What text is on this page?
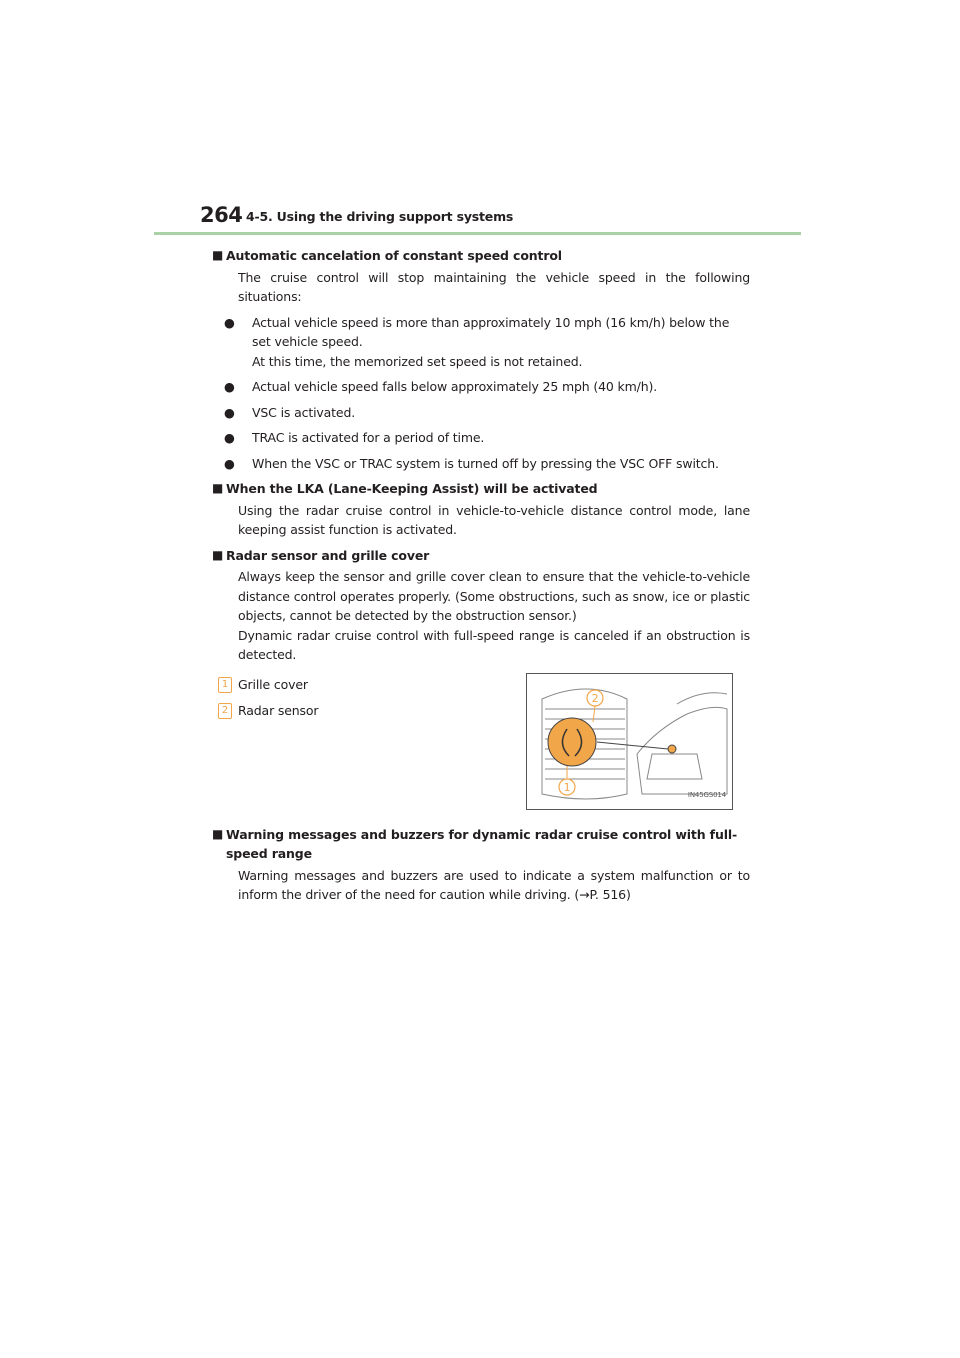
264 4-5. Using the driving support systems
■ Automatic cancelation of constant speed control
The cruise control will stop maintaining the vehicle speed in the following situations:
● Actual vehicle speed is more than approximately 10 mph (16 km/h) below the set vehicle speed.
At this time, the memorized set speed is not retained.
●	Actual vehicle speed falls below approximately 25 mph (40 km/h).
●	VSC is activated.
●	TRAC is activated for a period of time.
●	When the VSC or TRAC system is turned off by pressing the VSC OFF switch.
■ When the LKA (Lane-Keeping Assist) will be activated
Using the radar cruise control in vehicle-to-vehicle distance control mode, lane keeping assist function is activated.
■ Radar sensor and grille cover
Always keep the sensor and grille cover clean to ensure that the vehicle-to-vehicle distance control operates properly. (Some obstructions, such as snow, ice or plastic objects, cannot be detected by the obstruction sensor.)
Dynamic radar cruise control with full-speed range is canceled if an obstruction is detected.
1 Grille cover
2 Radar sensor
2
1
IN45GS014
■ Warning messages and buzzers for dynamic radar cruise control with full-speed range
Warning messages and buzzers are used to indicate a system malfunction or to inform the driver of the need for caution while driving. (→P. 516)
